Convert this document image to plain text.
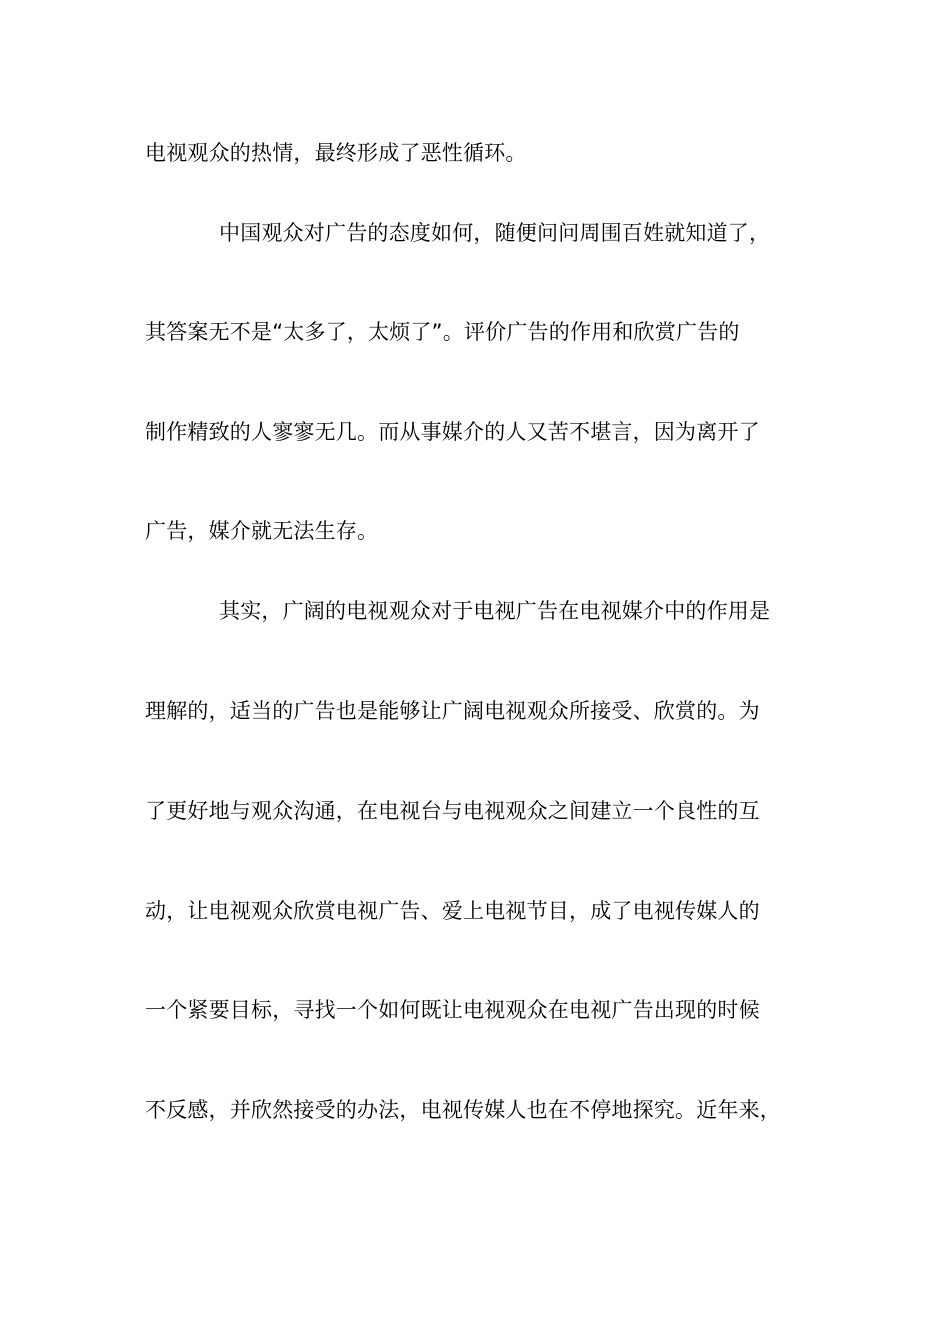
电视观众的热情，最终形成了恶性循环。
中国观众对广告的态度如何，随便问问周围百姓就知道了，
其答案无不是“太多了，太烦了”。评价广告的作用和欣赏广告的
制作精致的人寥寥无几。而从事媒介的人又苦不堪言，因为离开了
广告，媒介就无法生存。
其实，广阔的电视观众对于电视广告在电视媒介中的作用是
理解的，适当的广告也是能够让广阔电视观众所接受、欣赏的。为
了更好地与观众沟通，在电视台与电视观众之间建立一个良性的互
动，让电视观众欣赏电视广告、爱上电视节目，成了电视传媒人的
一个紧要目标，寻找一个如何既让电视观众在电视广告出现的时候
不反感，并欣然接受的办法，电视传媒人也在不停地探究。近年来，
